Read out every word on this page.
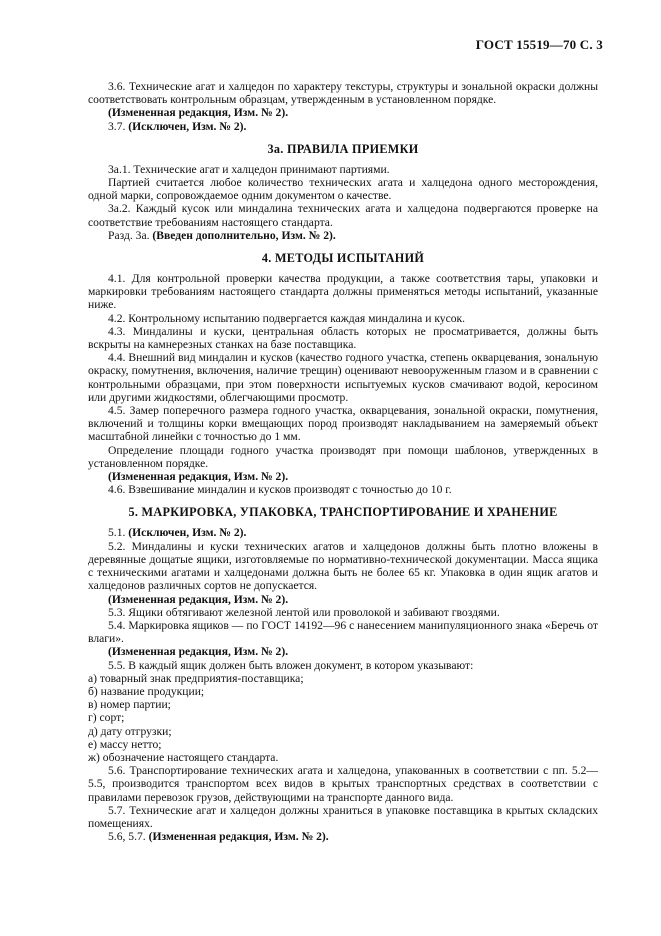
ГОСТ 15519—70 С. 3

3.6. Технические агат и халцедон по характеру текстуры, структуры и зональной окраски должны соответствовать контрольным образцам, утвержденным в установленном порядке.

(Измененная редакция, Изм. № 2).

3.7. (Исключен, Изм. № 2).

3а. ПРАВИЛА ПРИЕМКИ

3а.1. Технические агат и халцедон принимают партиями.

Партией считается любое количество технических агата и халцедона одного месторождения, одной марки, сопровождаемое одним документом о качестве.

3а.2. Каждый кусок или миндалина технических агата и халцедона подвергаются проверке на соответствие требованиям настоящего стандарта.

Разд. 3а. (Введен дополнительно, Изм. № 2).

4. МЕТОДЫ ИСПЫТАНИЙ

4.1. Для контрольной проверки качества продукции, а также соответствия тары, упаковки и маркировки требованиям настоящего стандарта должны применяться методы испытаний, указанные ниже.

4.2. Контрольному испытанию подвергается каждая миндалина и кусок.

4.3. Миндалины и куски, центральная область которых не просматривается, должны быть вскрыты на камнерезных станках на базе поставщика.

4.4. Внешний вид миндалин и кусков (качество годного участка, степень окварцевания, зональную окраску, помутнения, включения, наличие трещин) оценивают невооруженным глазом и в сравнении с контрольными образцами, при этом поверхности испытуемых кусков смачивают водой, керосином или другими жидкостями, облегчающими просмотр.

4.5. Замер поперечного размера годного участка, окварцевания, зональной окраски, помутнения, включений и толщины корки вмещающих пород производят накладыванием на замеряемый объект масштабной линейки с точностью до 1 мм.

Определение площади годного участка производят при помощи шаблонов, утвержденных в установленном порядке.

(Измененная редакция, Изм. № 2).

4.6. Взвешивание миндалин и кусков производят с точностью до 10 г.

5. МАРКИРОВКА, УПАКОВКА, ТРАНСПОРТИРОВАНИЕ И ХРАНЕНИЕ

5.1. (Исключен, Изм. № 2).

5.2. Миндалины и куски технических агатов и халцедонов должны быть плотно вложены в деревянные дощатые ящики, изготовляемые по нормативно-технической документации. Масса ящика с техническими агатами и халцедонами должна быть не более 65 кг. Упаковка в один ящик агатов и халцедонов различных сортов не допускается.

(Измененная редакция, Изм. № 2).

5.3. Ящики обтягивают железной лентой или проволокой и забивают гвоздями.

5.4. Маркировка ящиков — по ГОСТ 14192—96 с нанесением манипуляционного знака «Беречь от влаги».

(Измененная редакция, Изм. № 2).

5.5. В каждый ящик должен быть вложен документ, в котором указывают:

а) товарный знак предприятия-поставщика;

б) название продукции;

в) номер партии;

г) сорт;

д) дату отгрузки;

е) массу нетто;

ж) обозначение настоящего стандарта.

5.6. Транспортирование технических агата и халцедона, упакованных в соответствии с пп. 5.2—5.5, производится транспортом всех видов в крытых транспортных средствах в соответствии с правилами перевозок грузов, действующими на транспорте данного вида.

5.7. Технические агат и халцедон должны храниться в упаковке поставщика в крытых складских помещениях.

5.6, 5.7. (Измененная редакция, Изм. № 2).
